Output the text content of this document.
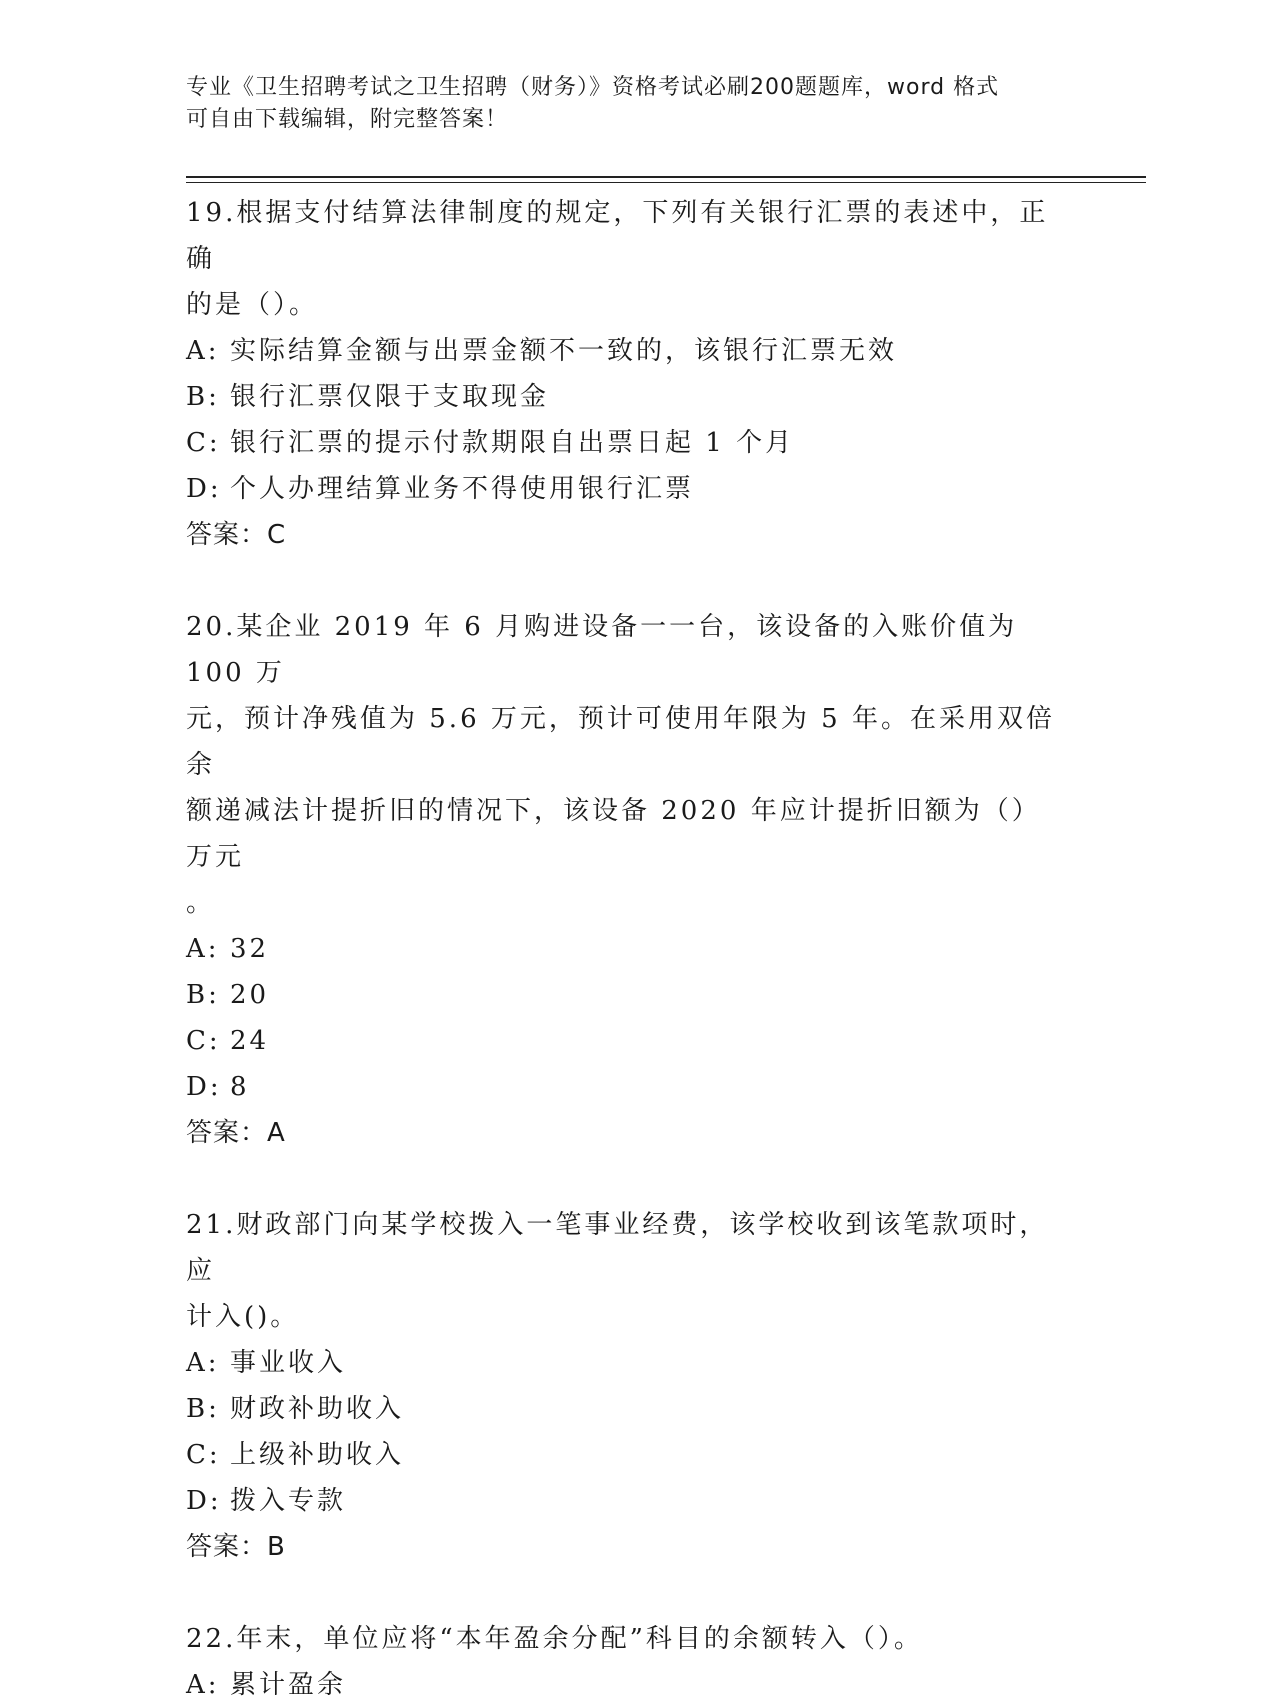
专业《卫生招聘考试之卫生招聘（财务）》资格考试必刷200题题库，word 格式
可自由下载编辑，附完整答案！

19.根据支付结算法律制度的规定，下列有关银行汇票的表述中，正确

的是（）。

A: 实际结算金额与出票金额不一致的，该银行汇票无效

B: 银行汇票仅限于支取现金

C: 银行汇票的提示付款期限自出票日起 1 个月

D: 个人办理结算业务不得使用银行汇票

答案：C

20.某企业 2019 年 6 月购进设备一一台，该设备的入账价值为 100 万

元，预计净残值为 5.6 万元，预计可使用年限为 5 年。在采用双倍余

额递减法计提折旧的情况下，该设备 2020 年应计提折旧额为（）万元

。

A: 32

B: 20

C: 24

D: 8

答案：A

21.财政部门向某学校拨入一笔事业经费，该学校收到该笔款项时，应

计入()。

A: 事业收入

B: 财政补助收入

C: 上级补助收入

D: 拨入专款

答案：B

22.年末，单位应将“本年盈余分配”科目的余额转入（）。

A: 累计盈余
